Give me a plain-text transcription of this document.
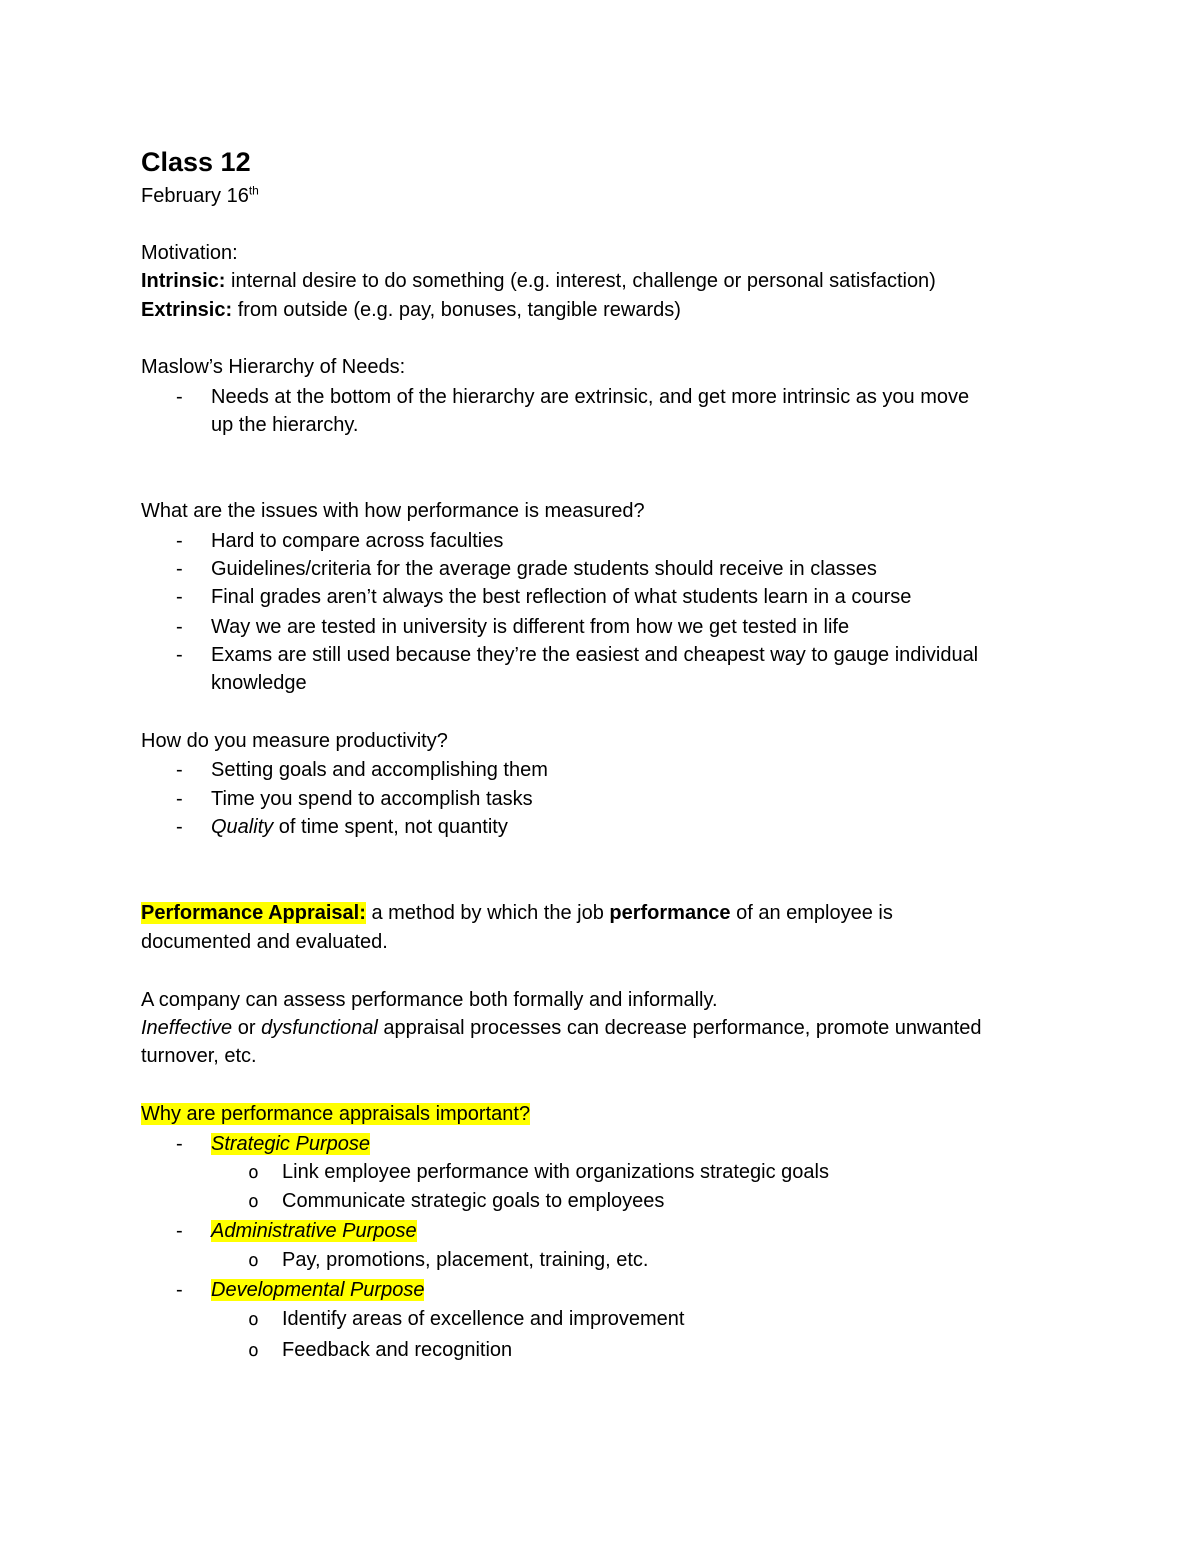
Class 12
February 16th
Motivation:
Intrinsic: internal desire to do something (e.g. interest, challenge or personal satisfaction)
Extrinsic: from outside (e.g. pay, bonuses, tangible rewards)
Maslow’s Hierarchy of Needs:
- Needs at the bottom of the hierarchy are extrinsic, and get more intrinsic as you move
up the hierarchy.
What are the issues with how performance is measured?
- Hard to compare across faculties
- Guidelines/criteria for the average grade students should receive in classes
- Final grades aren’t always the best reflection of what students learn in a course
- Way we are tested in university is different from how we get tested in life
- Exams are still used because they’re the easiest and cheapest way to gauge individual
knowledge
How do you measure productivity?
- Setting goals and accomplishing them
- Time you spend to accomplish tasks
- Quality of time spent, not quantity
Performance Appraisal: a method by which the job performance of an employee is
documented and evaluated.
A company can assess performance both formally and informally.
Ineffective or dysfunctional appraisal processes can decrease performance, promote unwanted
turnover, etc.
Why are performance appraisals important?
- Strategic Purpose
o Link employee performance with organizations strategic goals
o Communicate strategic goals to employees
- Administrative Purpose
o Pay, promotions, placement, training, etc.
- Developmental Purpose
o Identify areas of excellence and improvement
o Feedback and recognition
